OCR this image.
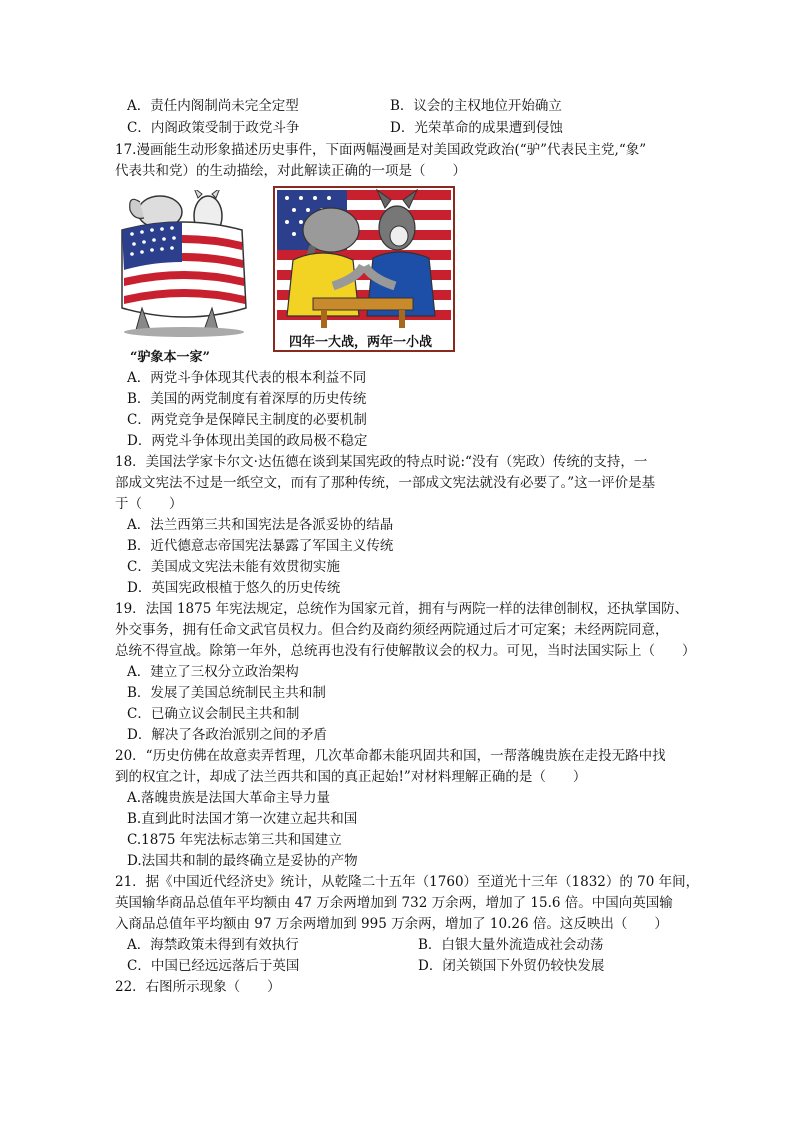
A．责任内阁制尚未完全定型	B．议会的主权地位开始确立
C．内阁政策受制于政党斗争	D．光荣革命的成果遭到侵蚀
17.漫画能生动形象描述历史事件，下面两幅漫画是对美国政党政治(“驴”代表民主党,“象”
代表共和党）的生动描绘，对此解读正确的一项是（　　）
“驴象本一家”
四年一大战，两年一小战
A．两党斗争体现其代表的根本利益不同
B．美国的两党制度有着深厚的历史传统
C．两党竞争是保障民主制度的必要机制
D．两党斗争体现出美国的政局极不稳定
18．美国法学家卡尔文·达伍德在谈到某国宪政的特点时说:“没有（宪政）传统的支持，一
部成文宪法不过是一纸空文，而有了那种传统，一部成文宪法就没有必要了。”这一评价是基
于（　　）
A．法兰西第三共和国宪法是各派妥协的结晶
B．近代德意志帝国宪法暴露了军国主义传统
C．美国成文宪法未能有效贯彻实施
D．英国宪政根植于悠久的历史传统
19．法国 1875 年宪法规定，总统作为国家元首，拥有与两院一样的法律创制权，还执掌国防、
外交事务，拥有任命文武官员权力。但合约及商约须经两院通过后才可定案；未经两院同意，
总统不得宣战。除第一年外，总统再也没有行使解散议会的权力。可见，当时法国实际上（　　）
A．建立了三权分立政治架构
B．发展了美国总统制民主共和制
C．已确立议会制民主共和制
D．解决了各政治派别之间的矛盾
20．“历史仿佛在故意卖弄哲理，几次革命都未能巩固共和国，一帮落魄贵族在走投无路中找
到的权宜之计，却成了法兰西共和国的真正起始!”对材料理解正确的是（　　）
A.落魄贵族是法国大革命主导力量
B.直到此时法国才第一次建立起共和国
C.1875 年宪法标志第三共和国建立
D.法国共和制的最终确立是妥协的产物
21．据《中国近代经济史》统计，从乾隆二十五年（1760）至道光十三年（1832）的 70 年间，
英国输华商品总值年平均额由 47 万余两增加到 732 万余两，增加了 15.6 倍。中国向英国输
入商品总值年平均额由 97 万余两增加到 995 万余两，增加了 10.26 倍。这反映出（　　）
A．海禁政策未得到有效执行	B．白银大量外流造成社会动荡
C．中国已经远远落后于英国	D．闭关锁国下外贸仍较快发展
22．右图所示现象（　　）
